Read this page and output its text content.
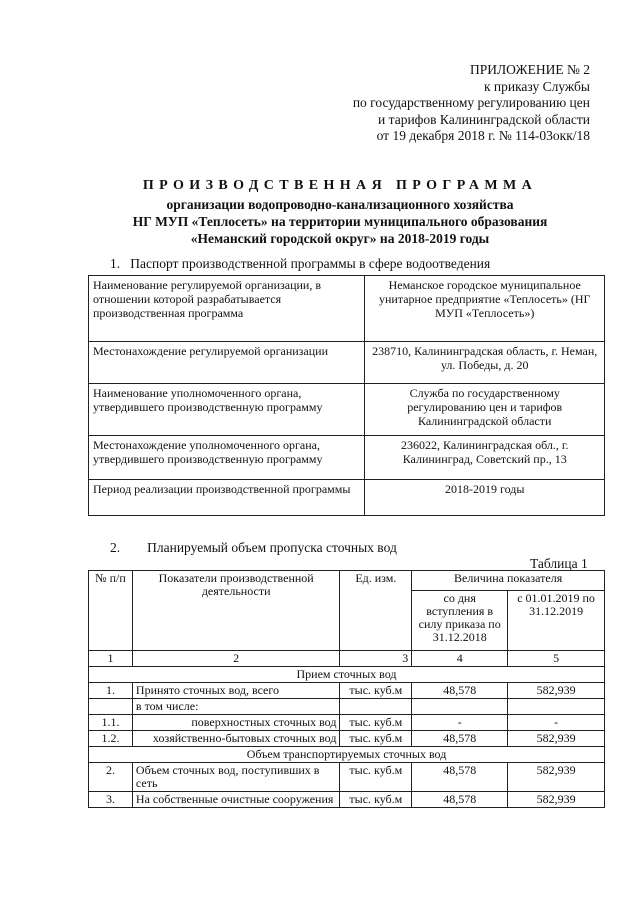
ПРИЛОЖЕНИЕ № 2
к приказу Службы
по государственному регулированию цен
и тарифов Калининградской области
от 19 декабря 2018 г. № 114-03окк/18
ПРОИЗВОДСТВЕННАЯ ПРОГРАММА
организации водопроводно-канализационного хозяйства
НГ МУП «Теплосеть» на территории муниципального образования
«Неманский городской округ» на 2018-2019 годы
1.   Паспорт производственной программы в сфере водоотведения
Наименование регулируемой организации, в отношении которой разрабатывается производственная программа	Неманское городское муниципальное унитарное предприятие «Теплосеть» (НГ МУП «Теплосеть»)
Местонахождение регулируемой организации	238710, Калининградская область, г. Неман, ул. Победы, д. 20
Наименование уполномоченного органа, утвердившего производственную программу	Служба по государственному регулированию цен и тарифов Калининградской области
Местонахождение уполномоченного органа, утвердившего производственную программу	236022, Калининградская обл., г. Калининград, Советский пр., 13
Период реализации производственной программы	2018-2019 годы
2.        Планируемый объем пропуска сточных вод
Таблица 1
№ п/п	Показатели производственной деятельности	Ед. изм.	Величина показателя	
			со дня вступления в силу приказа по 31.12.2018	с 01.01.2019 по 31.12.2019
1	2	3	4	5
Прием сточных вод				
1.	Принято сточных вод, всего	тыс. куб.м	48,578	582,939
	в том числе:			
1.1.	поверхностных сточных вод	тыс. куб.м	-	-
1.2.	хозяйственно-бытовых сточных вод	тыс. куб.м	48,578	582,939
Объем транспортируемых сточных вод				
2.	Объем сточных вод, поступивших в сеть	тыс. куб.м	48,578	582,939
3.	На собственные очистные сооружения	тыс. куб.м	48,578	582,939
